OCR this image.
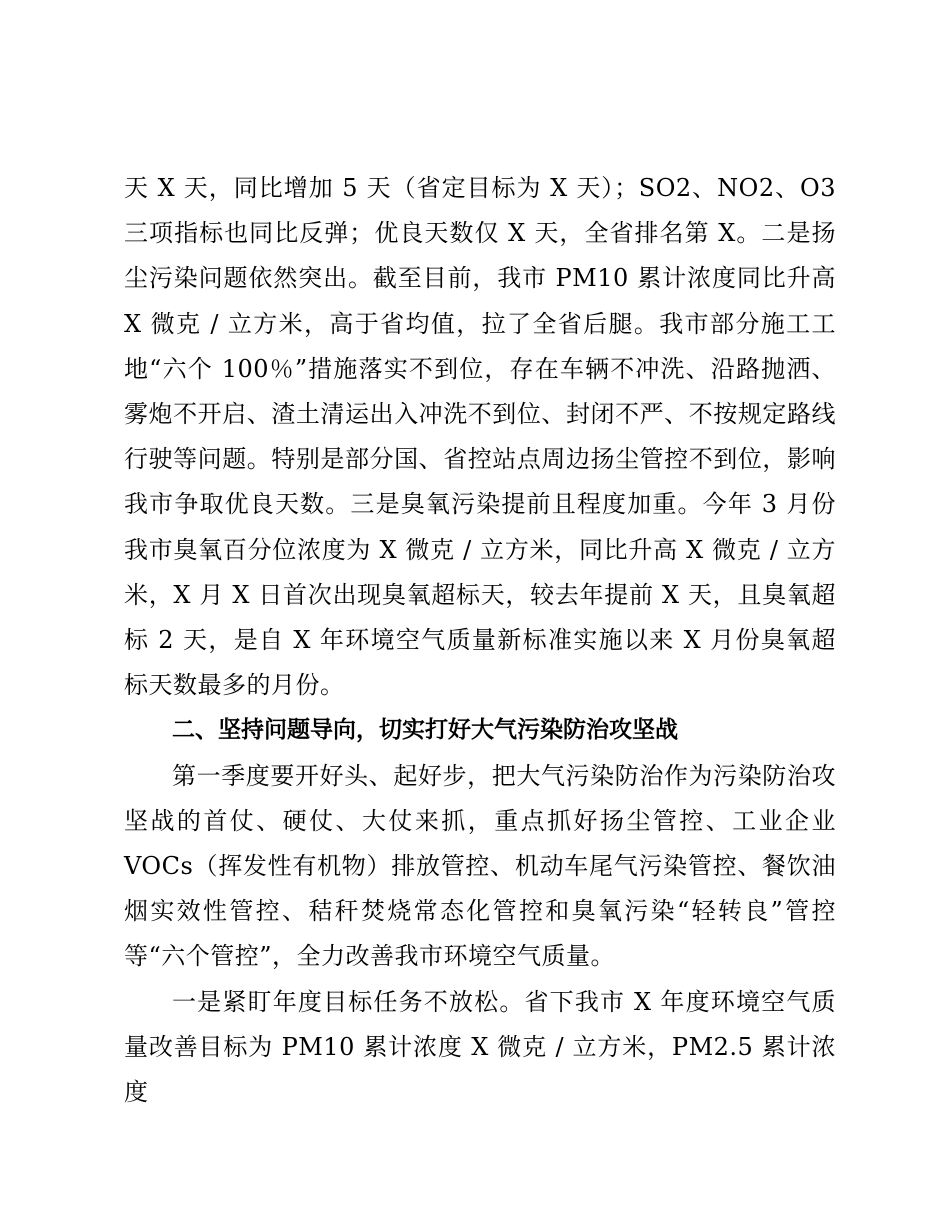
天 X 天，同比增加 5 天（省定目标为 X 天）；SO2、NO2、O3 三项指标也同比反弹；优良天数仅 X 天，全省排名第 X。二是扬尘污染问题依然突出。截至目前，我市 PM10 累计浓度同比升高 X 微克 / 立方米，高于省均值，拉了全省后腿。我市部分施工工地“六个 100％”措施落实不到位，存在车辆不冲洗、沿路抛洒、雾炮不开启、渣土清运出入冲洗不到位、封闭不严、不按规定路线行驶等问题。特别是部分国、省控站点周边扬尘管控不到位，影响我市争取优良天数。三是臭氧污染提前且程度加重。今年 3 月份我市臭氧百分位浓度为 X 微克 / 立方米，同比升高 X 微克 / 立方米，X 月 X 日首次出现臭氧超标天，较去年提前 X 天，且臭氧超标 2 天，是自 X 年环境空气质量新标准实施以来 X 月份臭氧超标天数最多的月份。

二、坚持问题导向，切实打好大气污染防治攻坚战

第一季度要开好头、起好步，把大气污染防治作为污染防治攻坚战的首仗、硬仗、大仗来抓，重点抓好扬尘管控、工业企业 VOCs（挥发性有机物）排放管控、机动车尾气污染管控、餐饮油烟实效性管控、秸秆焚烧常态化管控和臭氧污染“轻转良”管控等“六个管控”，全力改善我市环境空气质量。

一是紧盯年度目标任务不放松。省下我市 X 年度环境空气质量改善目标为 PM10 累计浓度 X 微克 / 立方米，PM2.5 累计浓度
